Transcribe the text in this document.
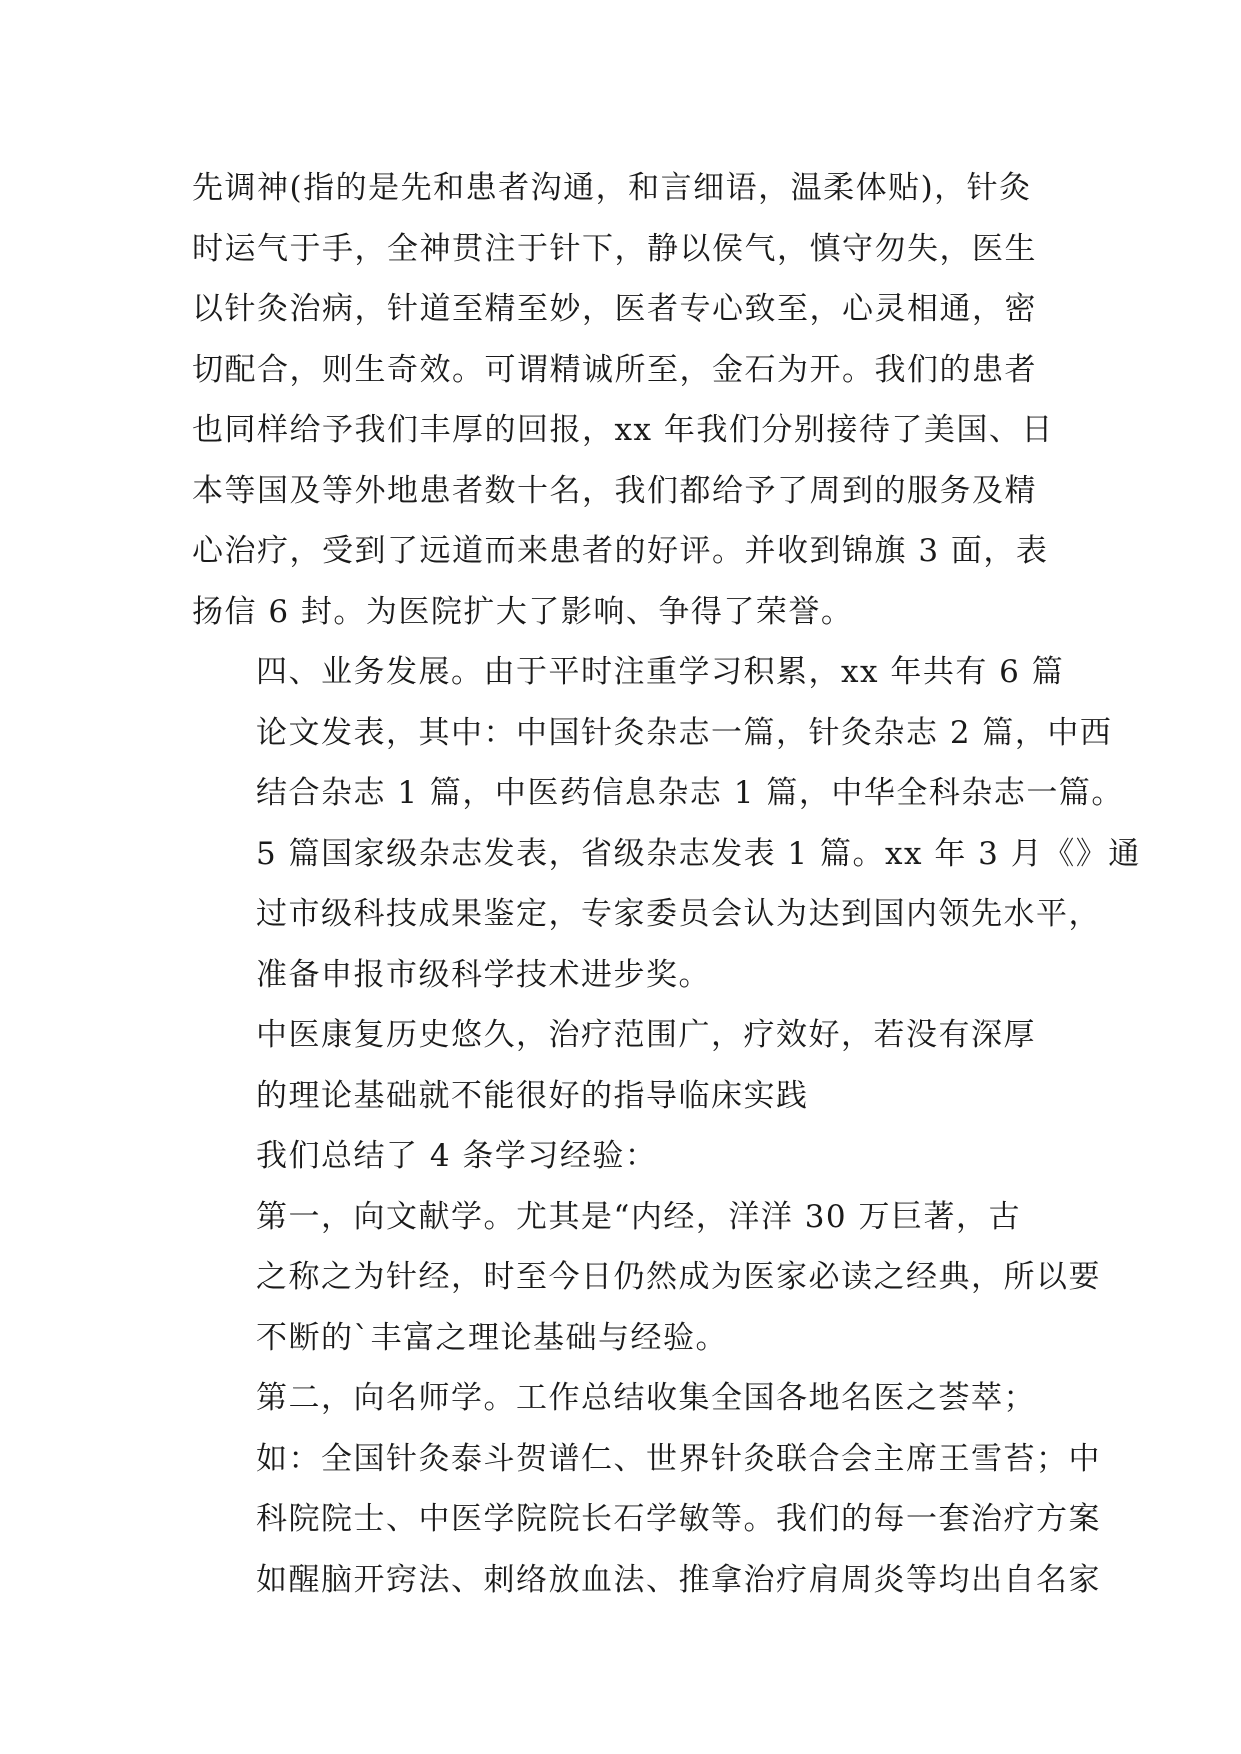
先调神(指的是先和患者沟通，和言细语，温柔体贴)，针灸
时运气于手，全神贯注于针下，静以侯气，慎守勿失，医生
以针灸治病，针道至精至妙，医者专心致至，心灵相通，密
切配合，则生奇效。可谓精诚所至，金石为开。我们的患者
也同样给予我们丰厚的回报，xx 年我们分别接待了美国、日
本等国及等外地患者数十名，我们都给予了周到的服务及精
心治疗，受到了远道而来患者的好评。并收到锦旗 3 面，表
扬信 6 封。为医院扩大了影响、争得了荣誉。

四、业务发展。由于平时注重学习积累，xx 年共有 6 篇
论文发表，其中：中国针灸杂志一篇，针灸杂志 2 篇，中西
结合杂志 1 篇，中医药信息杂志 1 篇，中华全科杂志一篇。
5 篇国家级杂志发表，省级杂志发表 1 篇。xx 年 3 月《》通
过市级科技成果鉴定，专家委员会认为达到国内领先水平，
准备申报市级科学技术进步奖。

中医康复历史悠久，治疗范围广，疗效好，若没有深厚
的理论基础就不能很好的指导临床实践

我们总结了 4 条学习经验：

第一，向文献学。尤其是“内经，洋洋 30 万巨著，古
之称之为针经，时至今日仍然成为医家必读之经典，所以要
不断的`丰富之理论基础与经验。

第二，向名师学。工作总结收集全国各地名医之荟萃；
如：全国针灸泰斗贺谱仁、世界针灸联合会主席王雪苔；中
科院院士、中医学院院长石学敏等。我们的每一套治疗方案
如醒脑开窍法、刺络放血法、推拿治疗肩周炎等均出自名家
